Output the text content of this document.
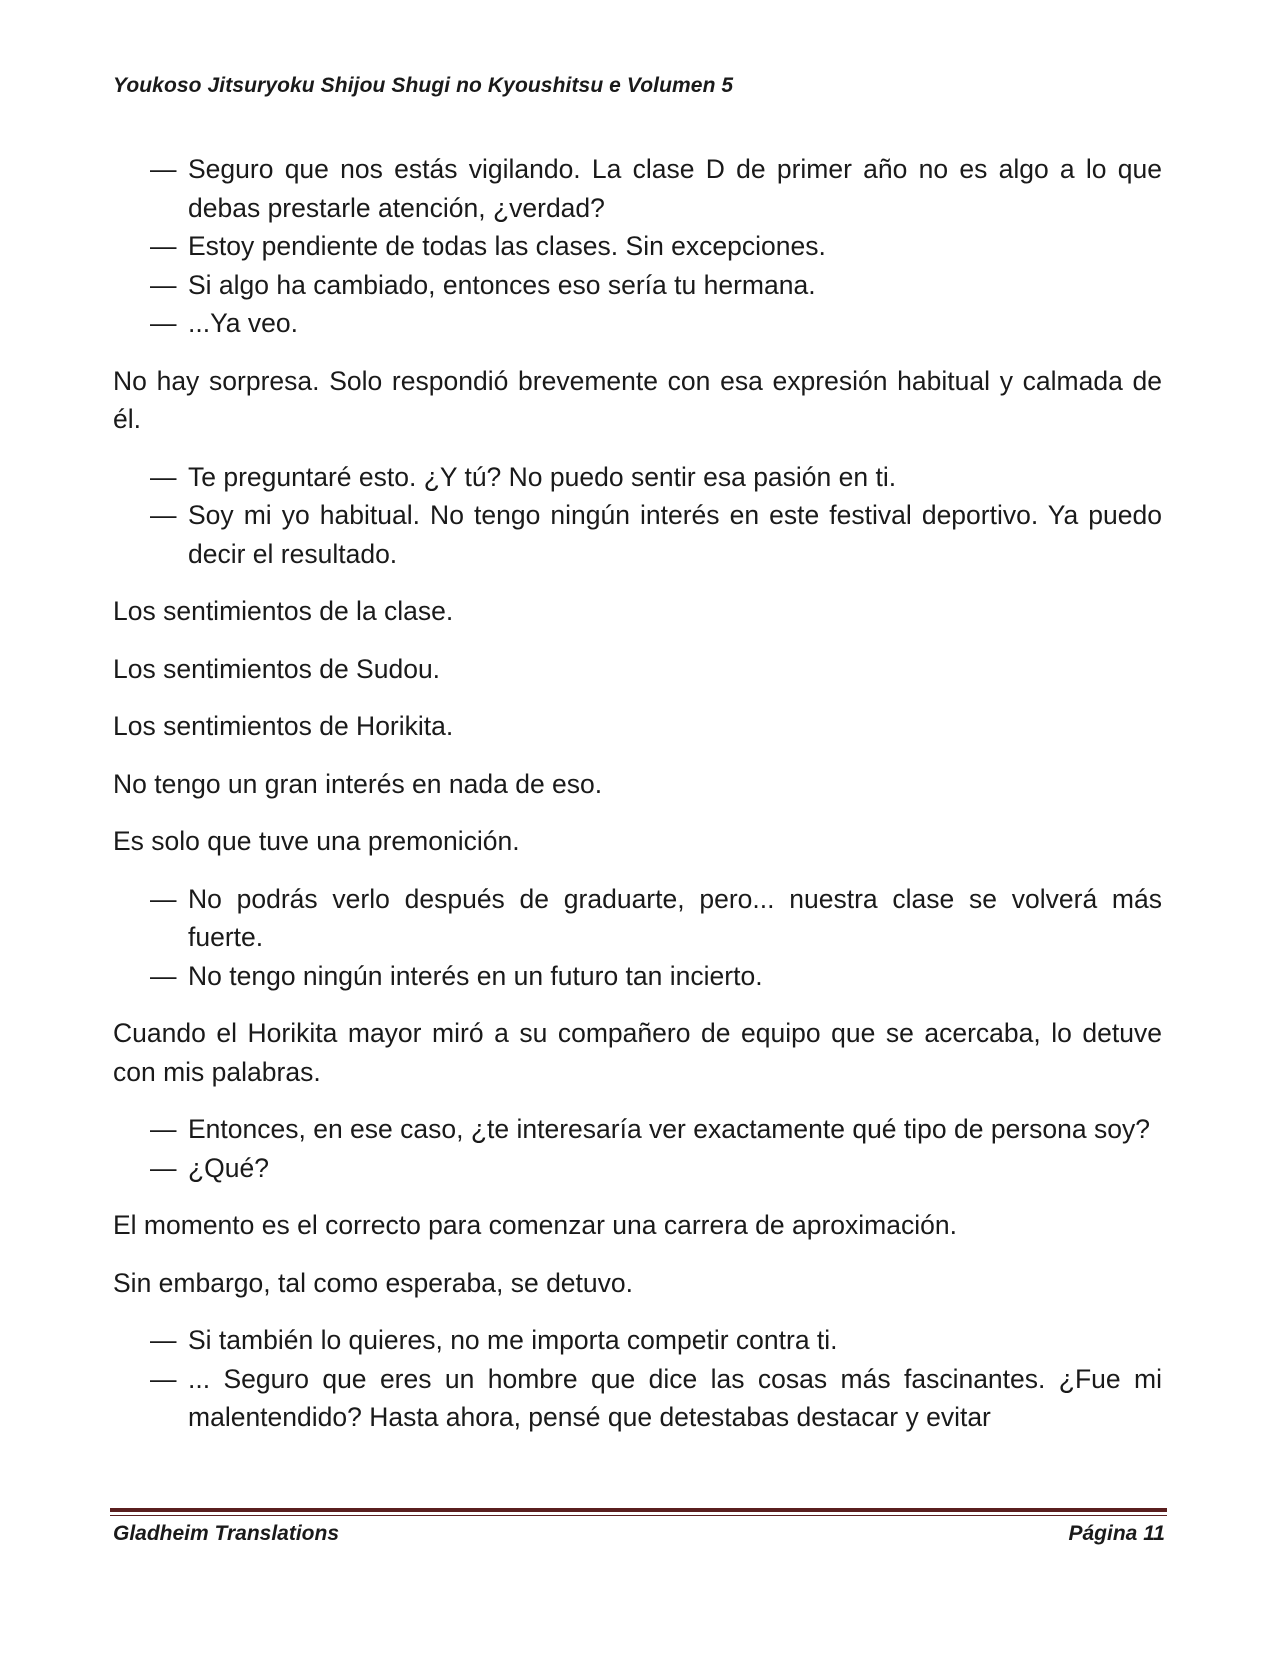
Youkoso Jitsuryoku Shijou Shugi no Kyoushitsu e Volumen 5
— Seguro que nos estás vigilando. La clase D de primer año no es algo a lo que debas prestarle atención, ¿verdad?
— Estoy pendiente de todas las clases. Sin excepciones.
— Si algo ha cambiado, entonces eso sería tu hermana.
— ...Ya veo.

No hay sorpresa. Solo respondió brevemente con esa expresión habitual y calmada de él.

— Te preguntaré esto. ¿Y tú? No puedo sentir esa pasión en ti.
— Soy mi yo habitual. No tengo ningún interés en este festival deportivo. Ya puedo decir el resultado.

Los sentimientos de la clase.

Los sentimientos de Sudou.

Los sentimientos de Horikita.

No tengo un gran interés en nada de eso.

Es solo que tuve una premonición.

— No podrás verlo después de graduarte, pero... nuestra clase se volverá más fuerte.
— No tengo ningún interés en un futuro tan incierto.

Cuando el Horikita mayor miró a su compañero de equipo que se acercaba, lo detuve con mis palabras.

— Entonces, en ese caso, ¿te interesaría ver exactamente qué tipo de persona soy?
— ¿Qué?

El momento es el correcto para comenzar una carrera de aproximación.

Sin embargo, tal como esperaba, se detuvo.

— Si también lo quieres, no me importa competir contra ti.
— ... Seguro que eres un hombre que dice las cosas más fascinantes. ¿Fue mi malentendido? Hasta ahora, pensé que detestabas destacar y evitar
Gladheim Translations	Página 11
